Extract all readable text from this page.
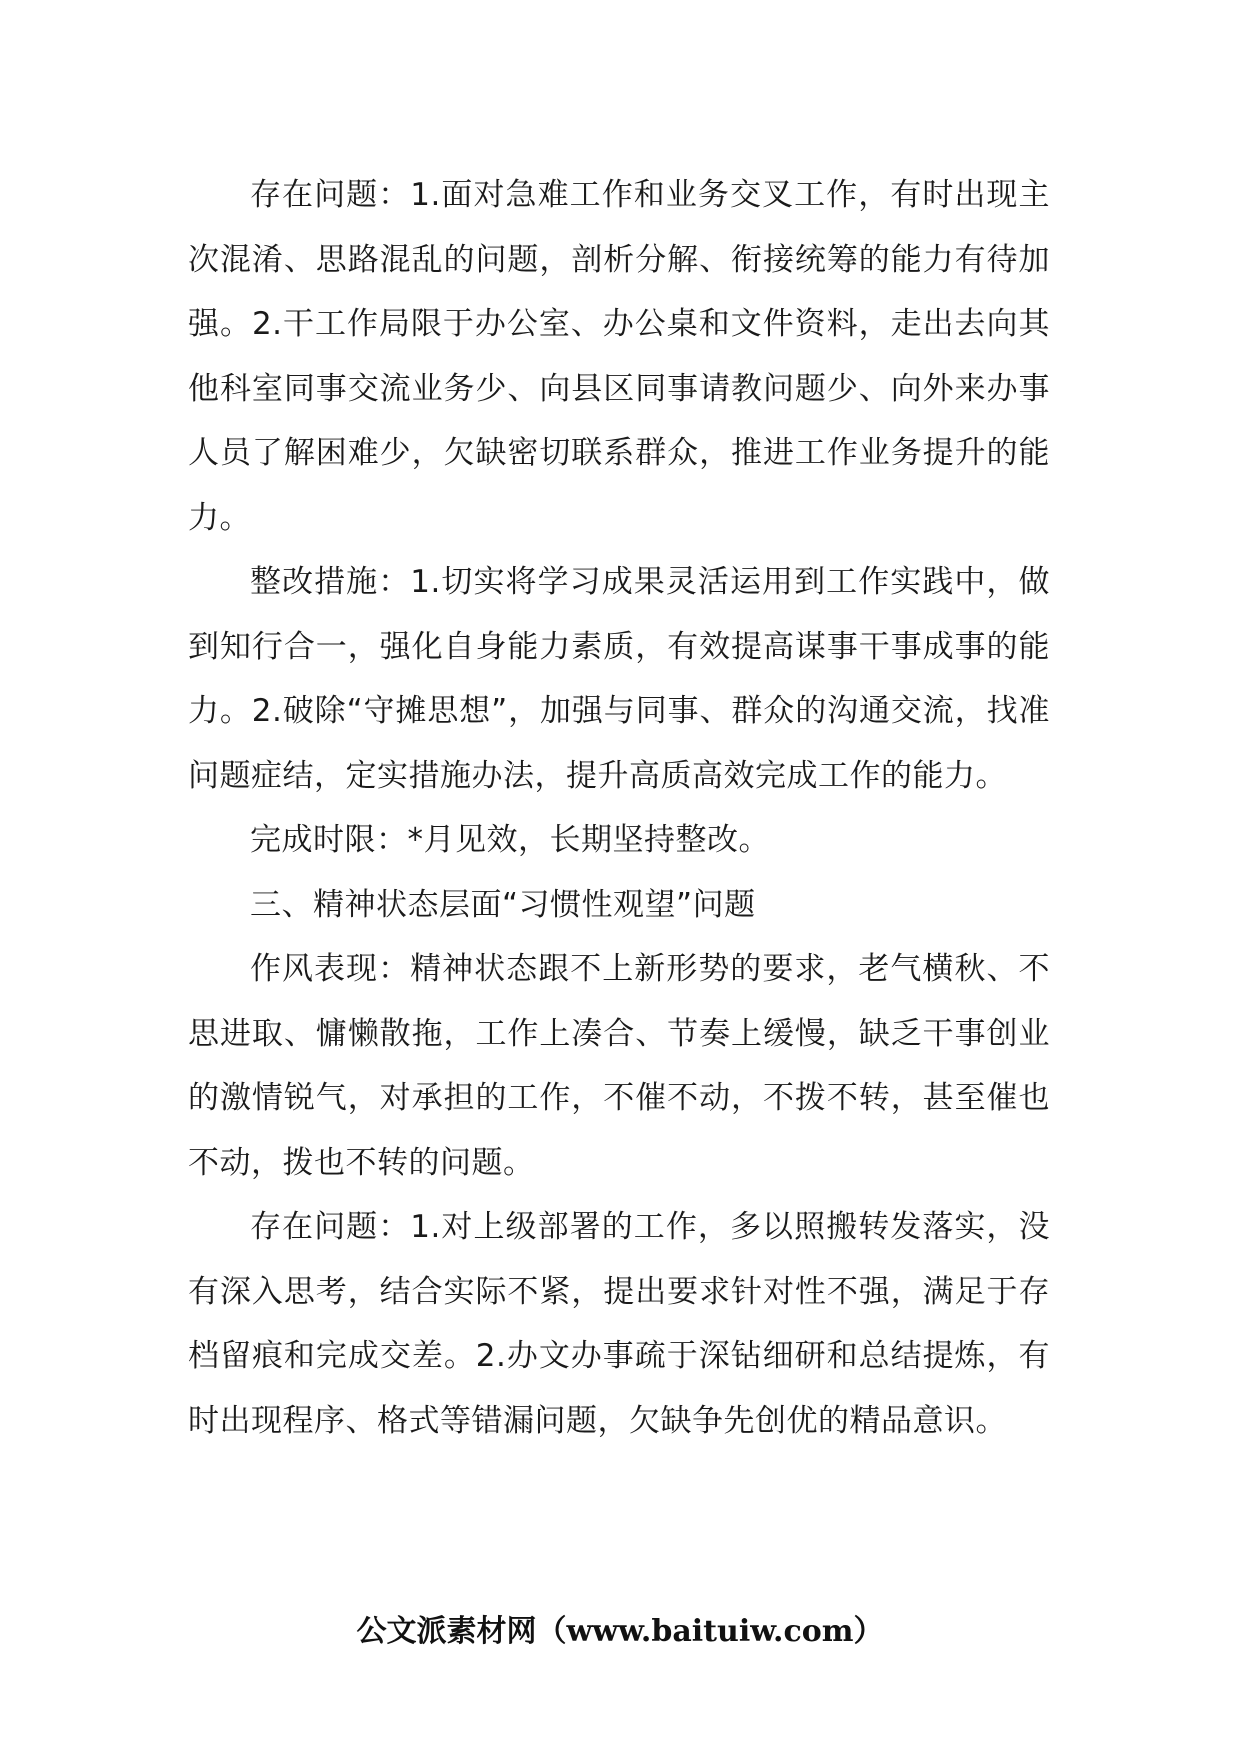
存在问题：1.面对急难工作和业务交叉工作，有时出现主次混淆、思路混乱的问题，剖析分解、衔接统筹的能力有待加强。2.干工作局限于办公室、办公桌和文件资料，走出去向其他科室同事交流业务少、向县区同事请教问题少、向外来办事人员了解困难少，欠缺密切联系群众，推进工作业务提升的能力。

整改措施：1.切实将学习成果灵活运用到工作实践中，做到知行合一，强化自身能力素质，有效提高谋事干事成事的能力。2.破除“守摊思想”，加强与同事、群众的沟通交流，找准问题症结，定实措施办法，提升高质高效完成工作的能力。

完成时限：*月见效，长期坚持整改。

三、精神状态层面“习惯性观望”问题

作风表现：精神状态跟不上新形势的要求，老气横秋、不思进取、慵懒散拖，工作上凑合、节奏上缓慢，缺乏干事创业的激情锐气，对承担的工作，不催不动，不拨不转，甚至催也不动，拨也不转的问题。

存在问题：1.对上级部署的工作，多以照搬转发落实，没有深入思考，结合实际不紧，提出要求针对性不强，满足于存档留痕和完成交差。2.办文办事疏于深钻细研和总结提炼，有时出现程序、格式等错漏问题，欠缺争先创优的精品意识。

公文派素材网（www.baituiw.com）
